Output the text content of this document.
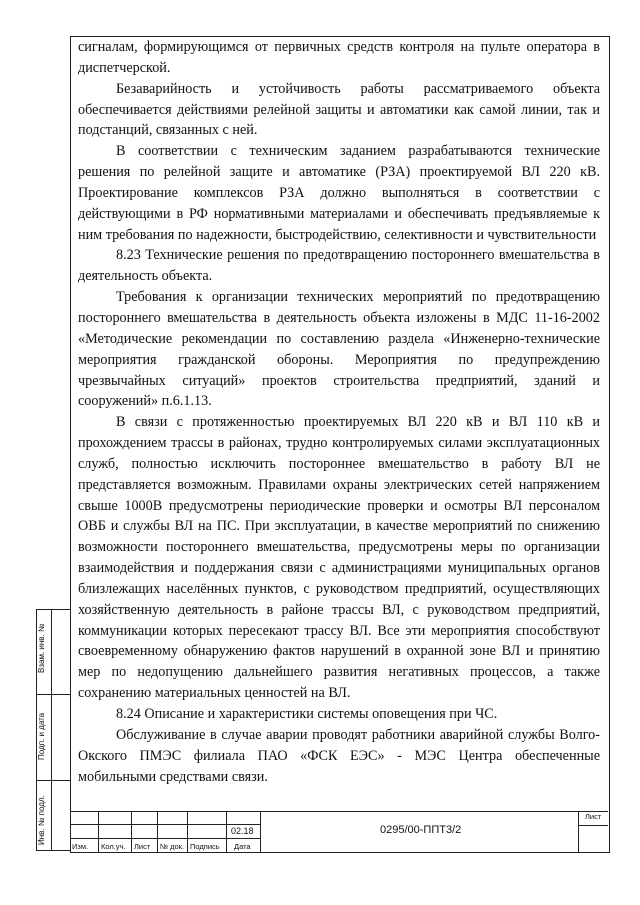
сигналам, формирующимся от первичных средств контроля на пульте оператора в диспетчерской.

Безаварийность и устойчивость работы рассматриваемого объекта обеспечивается действиями релейной защиты и автоматики как самой линии, так и подстанций, связанных с ней.

В соответствии с техническим заданием разрабатываются технические решения по релейной защите и автоматике (РЗА) проектируемой ВЛ 220 кВ. Проектирование комплексов РЗА должно выполняться в соответствии с действующими в РФ нормативными материалами и обеспечивать предъявляемые к ним требования по надежности, быстродействию, селективности и чувствительности

8.23 Технические решения по предотвращению постороннего вмешательства в деятельность объекта.

Требования к организации технических мероприятий по предотвращению постороннего вмешательства в деятельность объекта изложены в МДС 11-16-2002 «Методические рекомендации по составлению раздела «Инженерно-технические мероприятия гражданской обороны. Мероприятия по предупреждению чрезвычайных ситуаций» проектов строительства предприятий, зданий и сооружений» п.6.1.13.

В связи с протяженностью проектируемых ВЛ 220 кВ и ВЛ 110 кВ и прохождением трассы в районах, трудно контролируемых силами эксплуатационных служб, полностью исключить постороннее вмешательство в работу ВЛ не представляется возможным. Правилами охраны электрических сетей напряжением свыше 1000В предусмотрены периодические проверки и осмотры ВЛ персоналом ОВБ и службы ВЛ на ПС. При эксплуатации, в качестве мероприятий по снижению возможности постороннего вмешательства, предусмотрены меры по организации взаимодействия и поддержания связи с администрациями муниципальных органов близлежащих населённых пунктов, с руководством предприятий, осуществляющих хозяйственную деятельность в районе трассы ВЛ, с руководством предприятий, коммуникации которых пересекают трассу ВЛ. Все эти мероприятия способствуют своевременному обнаружению фактов нарушений в охранной зоне ВЛ и принятию мер по недопущению дальнейшего развития негативных процессов, а также сохранению материальных ценностей на ВЛ.

8.24 Описание и характеристики системы оповещения при ЧС.

Обслуживание в случае аварии проводят работники аварийной службы Волго-Окского ПМЭС филиала ПАО «ФСК ЕЭС» - МЭС Центра обеспеченные мобильными средствами связи.

Взам. инв. №
Подп. и дата
Инв. № подл.	Лист
0295/00-ППТ3/2
02.18
Изм. Кол.уч. Лист № док. Подпись Дата
